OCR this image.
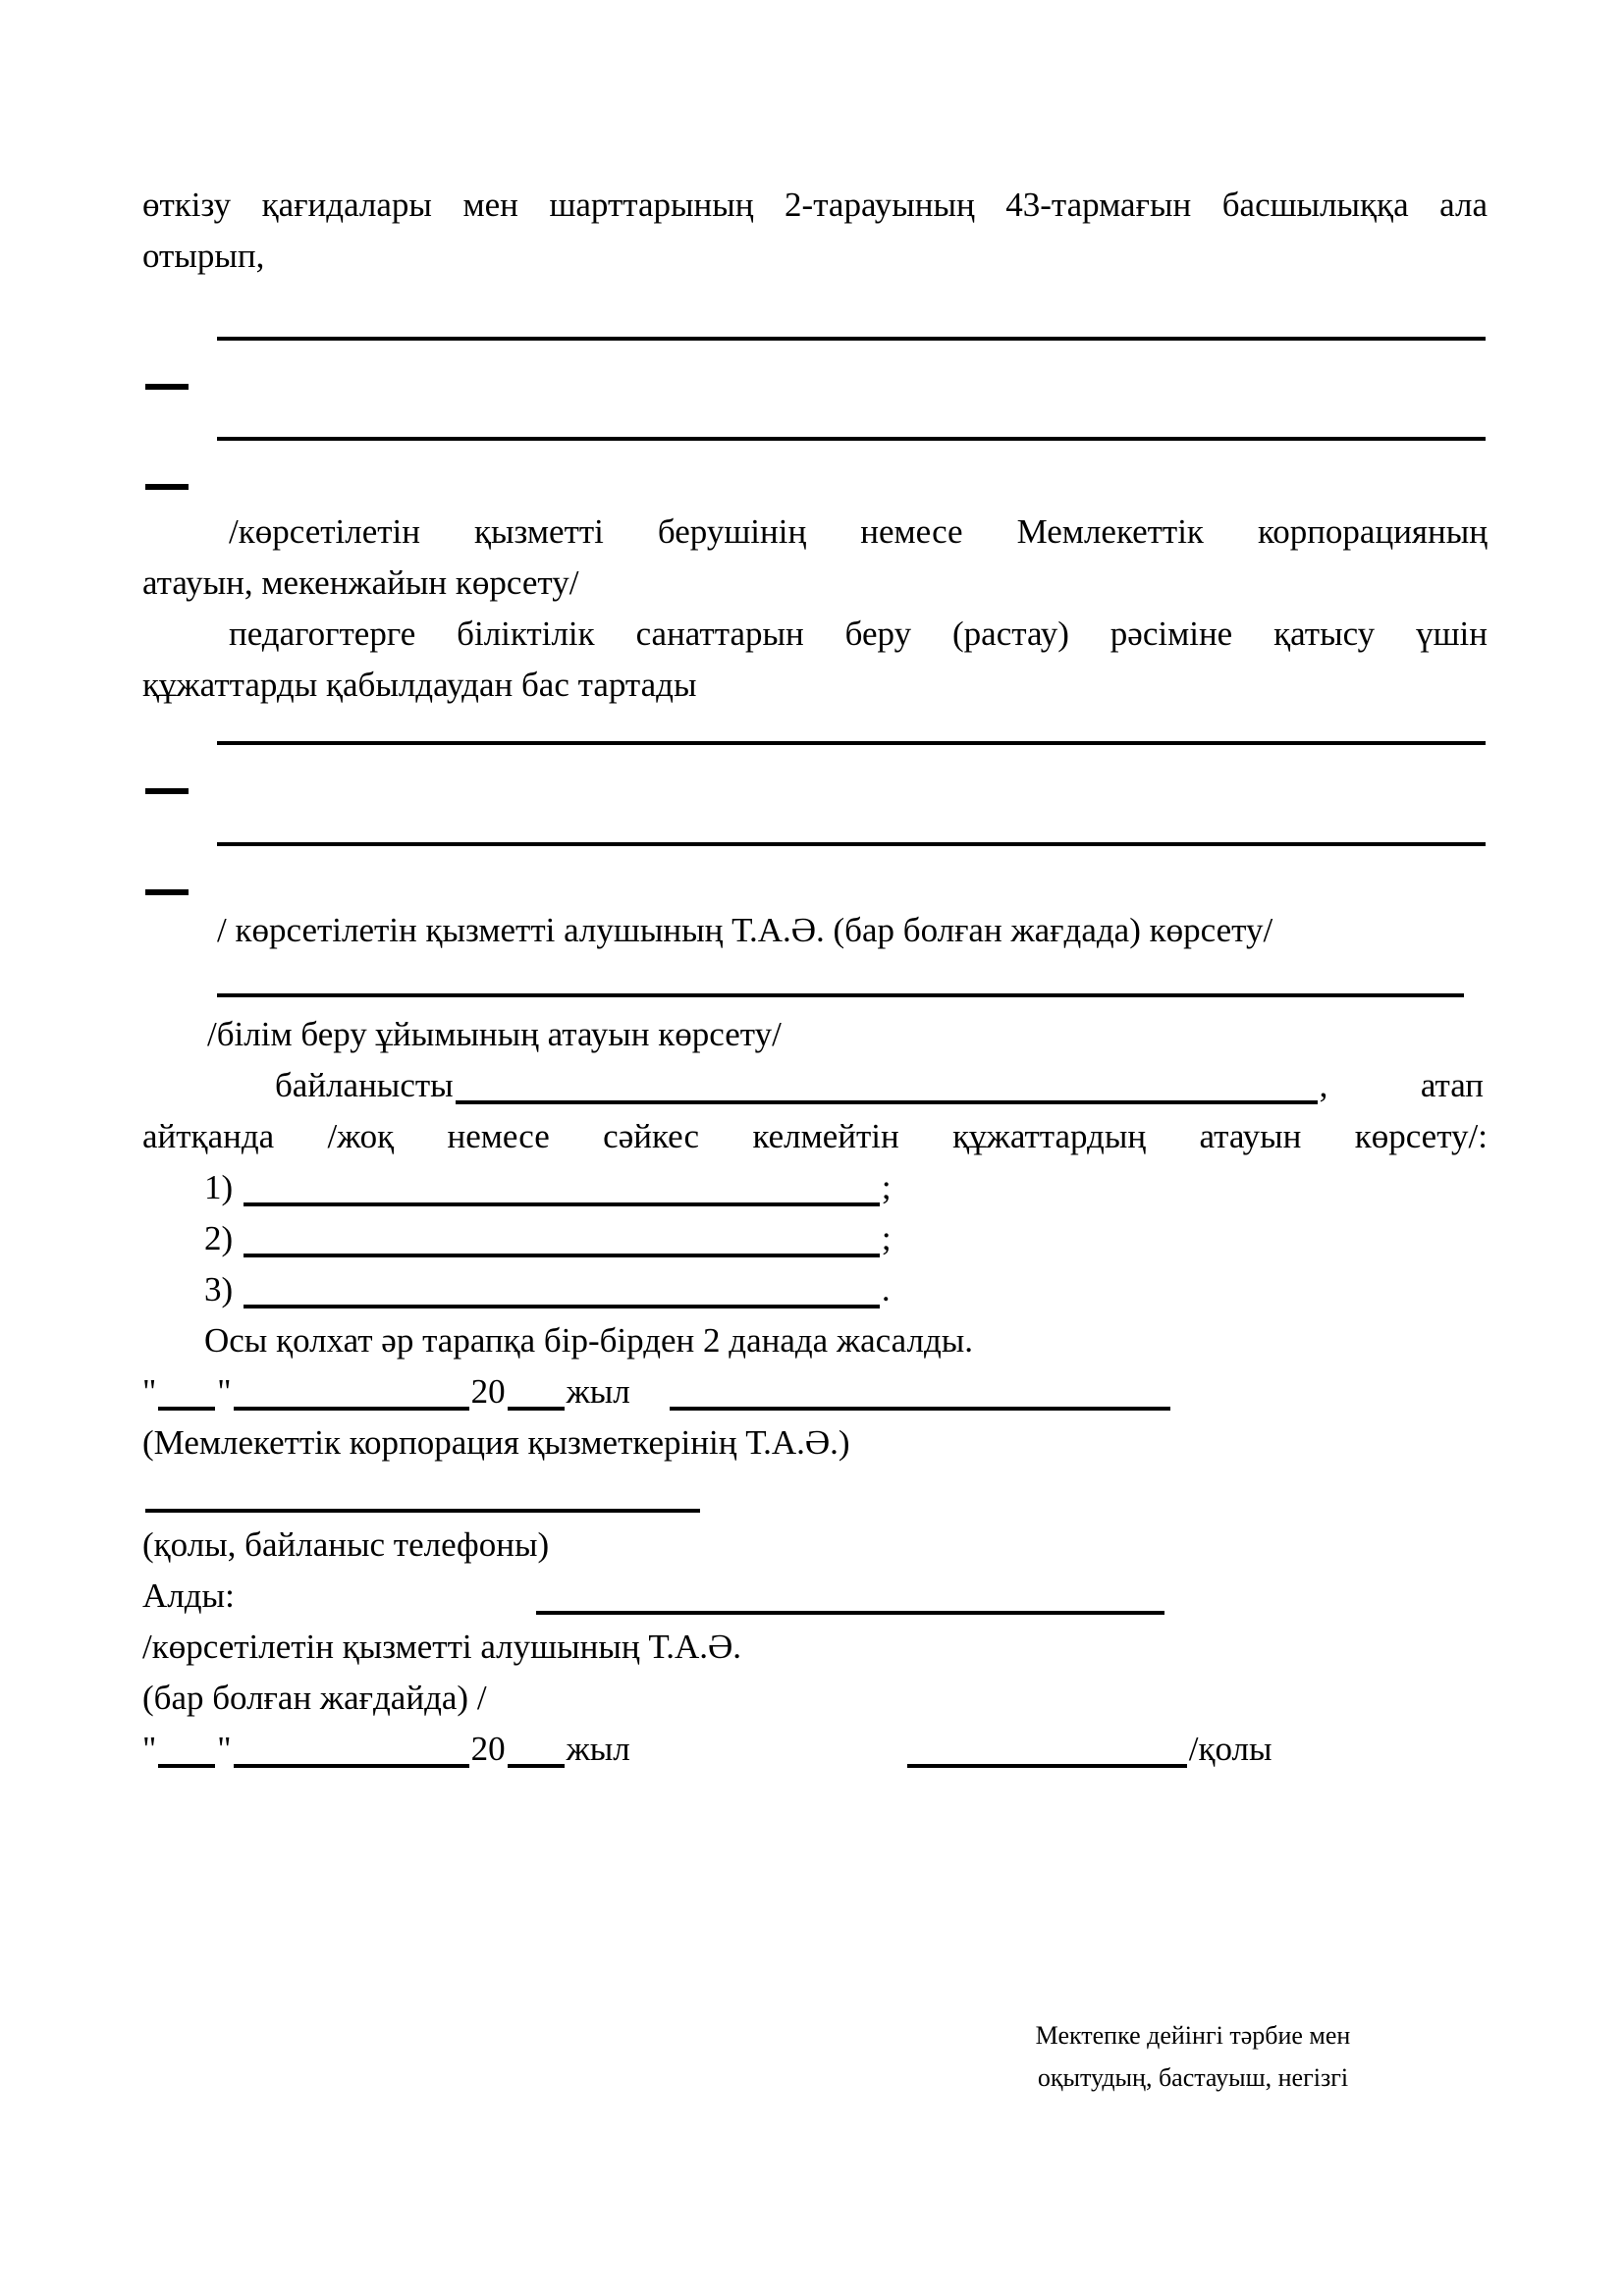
өткізу қағидалары мен шарттарының 2-тарауының 43-тармағын басшылыққа ала
отырып,
/көрсетілетін қызметті берушінің немесе Мемлекеттік корпорацияның
атауын, мекенжайын көрсету/
педагогтерге біліктілік санаттарын беру (растау) рәсіміне қатысу үшін
құжаттарды қабылдаудан бас тартады
/ көрсетілетін қызметті алушының Т.А.Ә. (бар болған жағдада) көрсету/
/білім беру ұйымының атауын көрсету/
байланысты	,	атап
айтқанда /жоқ немесе сәйкес келмейтін құжаттардың атауын көрсету/:
1)	;
2)	;
3)	.
Осы қолхат әр тарапқа бір-бірден 2 данада жасалды.
" "	20 жыл
(Мемлекеттік корпорация қызметкерінің Т.А.Ә.)
(қолы, байланыс телефоны)
Алды:
/көрсетілетін қызметті алушының Т.А.Ә.
(бар болған жағдайда) /
" "	20 жыл	/қолы
Мектепке дейінгі тәрбие мен
оқытудың, бастауыш, негізгі
